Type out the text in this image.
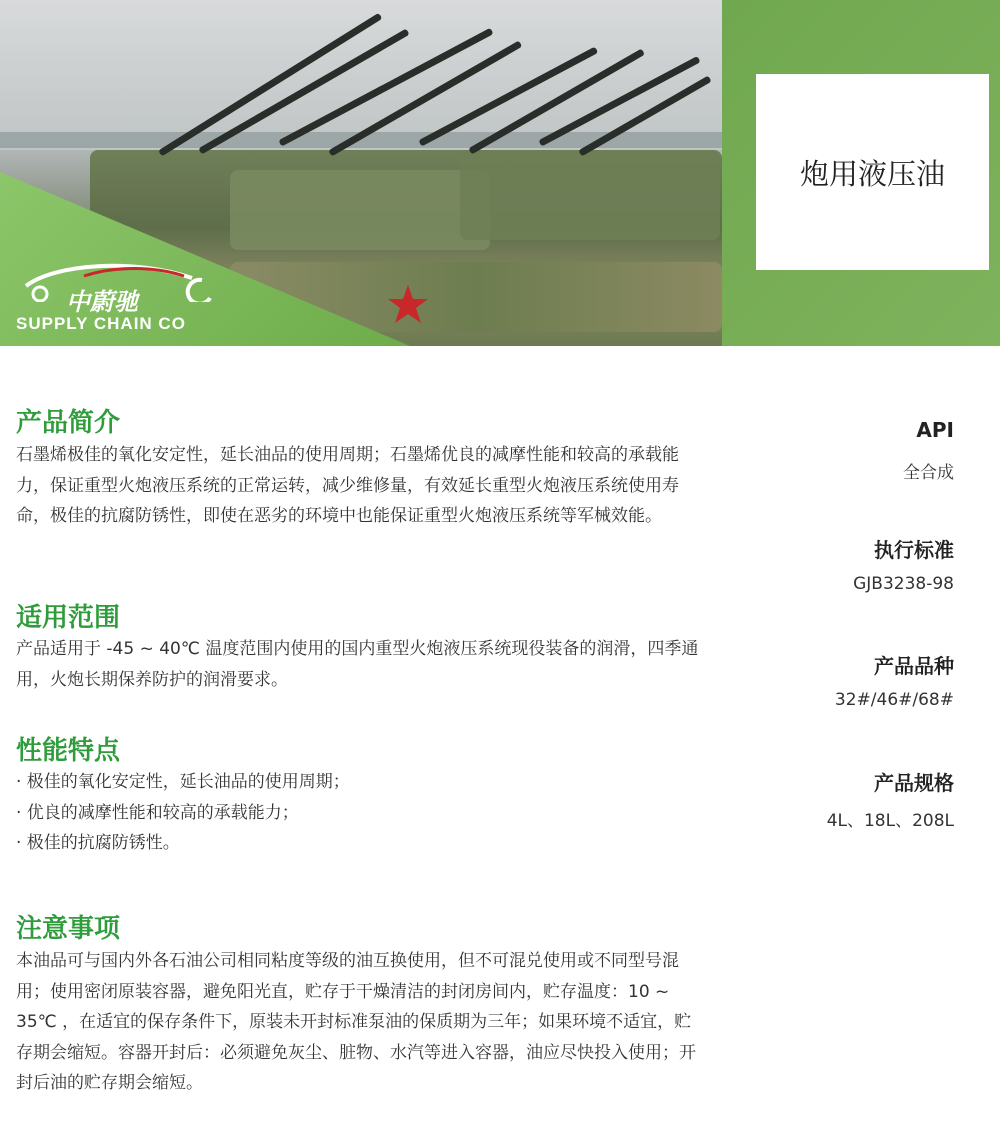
中蔚驰
SUPPLY CHAIN CO
炮用液压油
产品简介

石墨烯极佳的氧化安定性，延长油品的使用周期；石墨烯优良的减摩性能和较高的承载能力，保证重型火炮液压系统的正常运转，减少维修量，有效延长重型火炮液压系统使用寿命，极佳的抗腐防锈性，即使在恶劣的环境中也能保证重型火炮液压系统等军械效能。

适用范围

产品适用于 -45 ~ 40℃ 温度范围内使用的国内重型火炮液压系统现役装备的润滑，四季通用，火炮长期保养防护的润滑要求。

性能特点
· 极佳的氧化安定性，延长油品的使用周期；
· 优良的减摩性能和较高的承载能力；
· 极佳的抗腐防锈性。
注意事项

本油品可与国内外各石油公司相同粘度等级的油互换使用，但不可混兑使用或不同型号混用；使用密闭原装容器，避免阳光直，贮存于干燥清洁的封闭房间内，贮存温度：10 ~ 35℃ ，在适宜的保存条件下，原装未开封标准泵油的保质期为三年；如果环境不适宜，贮存期会缩短。容器开封后：必须避免灰尘、脏物、水汽等进入容器，油应尽快投入使用；开封后油的贮存期会缩短。

API
全合成
执行标准
GJB3238-98
产品品种
32#/46#/68#
产品规格
4L、18L、208L
